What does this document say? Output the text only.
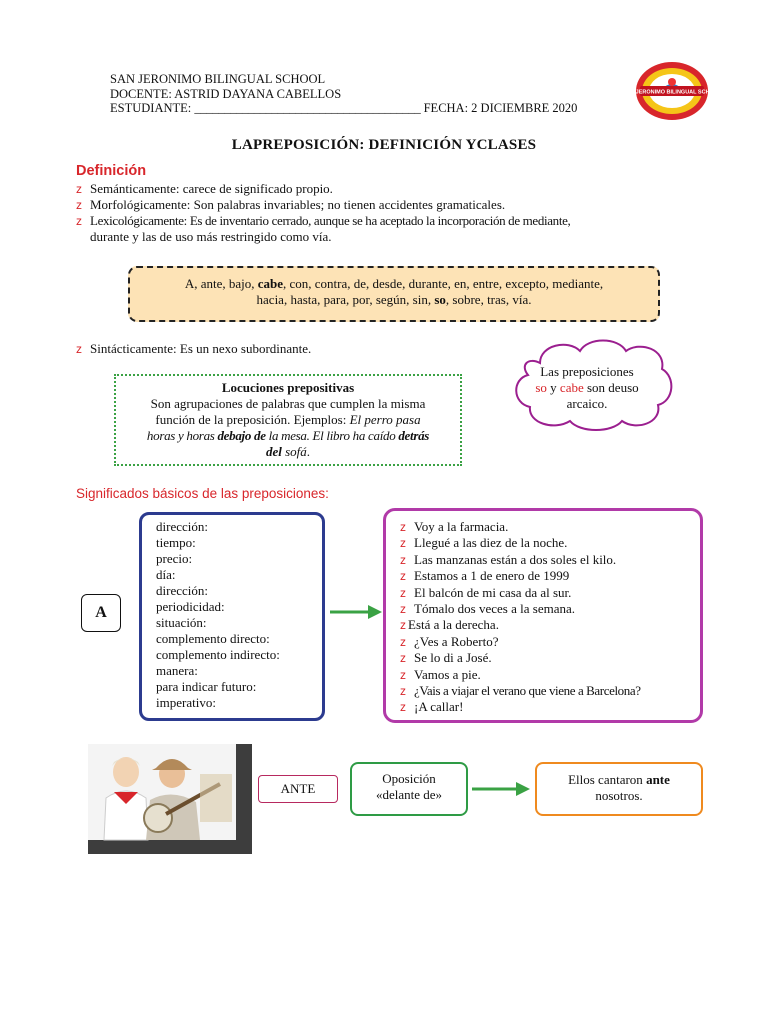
SAN JERONIMO BILINGUAL SCHOOL
DOCENTE: ASTRID DAYANA CABELLOS
ESTUDIANTE: ______________________________________ FECHA: 2 DICIEMBRE 2020
SAN JERONIMO BILINGUAL SCHOOL
LAPREPOSICIÓN: DEFINICIÓN YCLASES
Definición
z Semánticamente: carece de significado propio.
z Morfológicamente: Son palabras invariables; no tienen accidentes gramaticales.
z Lexicológicamente: Es de inventario cerrado, aunque se ha aceptado la incorporación de mediante,
durante y las de uso más restringido como vía.
A, ante, bajo, cabe, con, contra, de, desde, durante, en, entre, excepto, mediante,
hacia, hasta, para, por, según, sin, so, sobre, tras, vía.
z Sintácticamente: Es un nexo subordinante.
Locuciones prepositivas
Son agrupaciones de palabras que cumplen la misma
función de la preposición. Ejemplos: El perro pasa
horas y horas debajo de la mesa. El libro ha caído detrás
del sofá.
Las preposiciones
so y cabe son deuso
arcaico.
Significados básicos de las preposiciones:
A
dirección:
tiempo:
precio:
día:
dirección:
periodicidad:
situación:
complemento directo:
complemento indirecto:
manera:
para indicar futuro:
imperativo:
z Voy a la farmacia.
z Llegué a las diez de la noche.
z Las manzanas están a dos soles el kilo.
z Estamos a 1 de enero de 1999
z El balcón de mi casa da al sur.
z Tómalo dos veces a la semana.
z Está a la derecha.
z ¿Ves a Roberto?
z Se lo di a José.
z Vamos a pie.
z ¿Vais a viajar el verano que viene a Barcelona?
z ¡A callar!
ANTE
Oposición
«delante de»
Ellos cantaron ante
nosotros.
